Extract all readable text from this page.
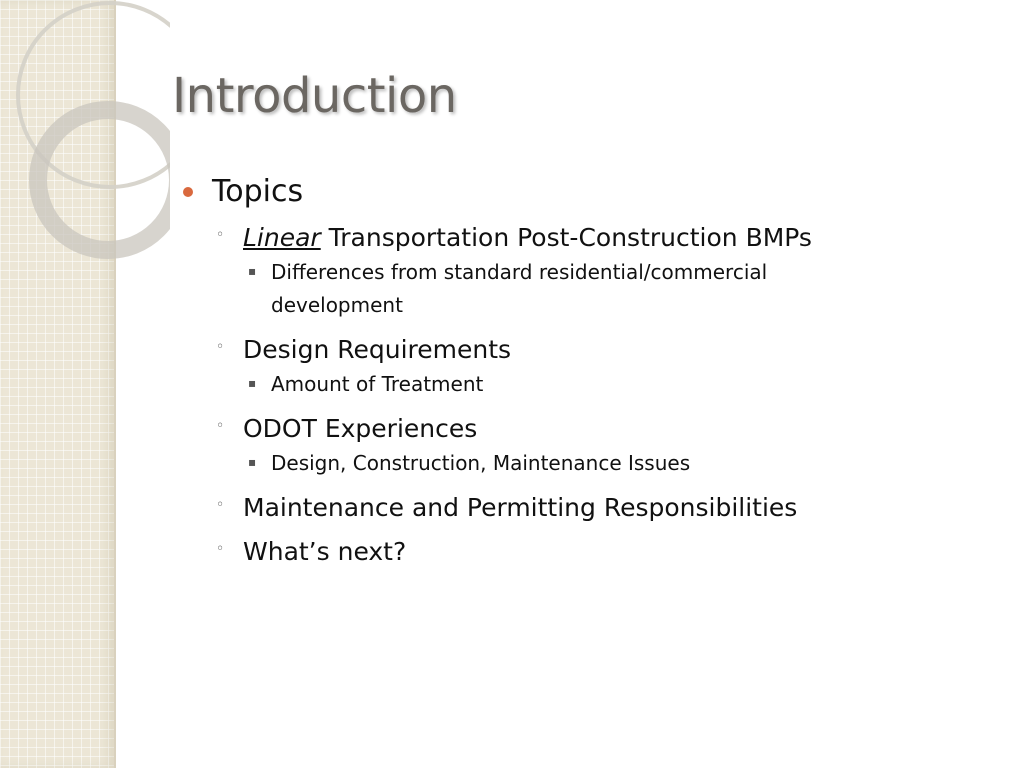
Introduction
Topics
◦ Linear Transportation Post-Construction BMPs
▪ Differences from standard residential/commercial development
◦ Design Requirements
▪ Amount of Treatment
◦ ODOT Experiences
▪ Design, Construction, Maintenance Issues
◦ Maintenance and Permitting Responsibilities
◦ What’s next?
